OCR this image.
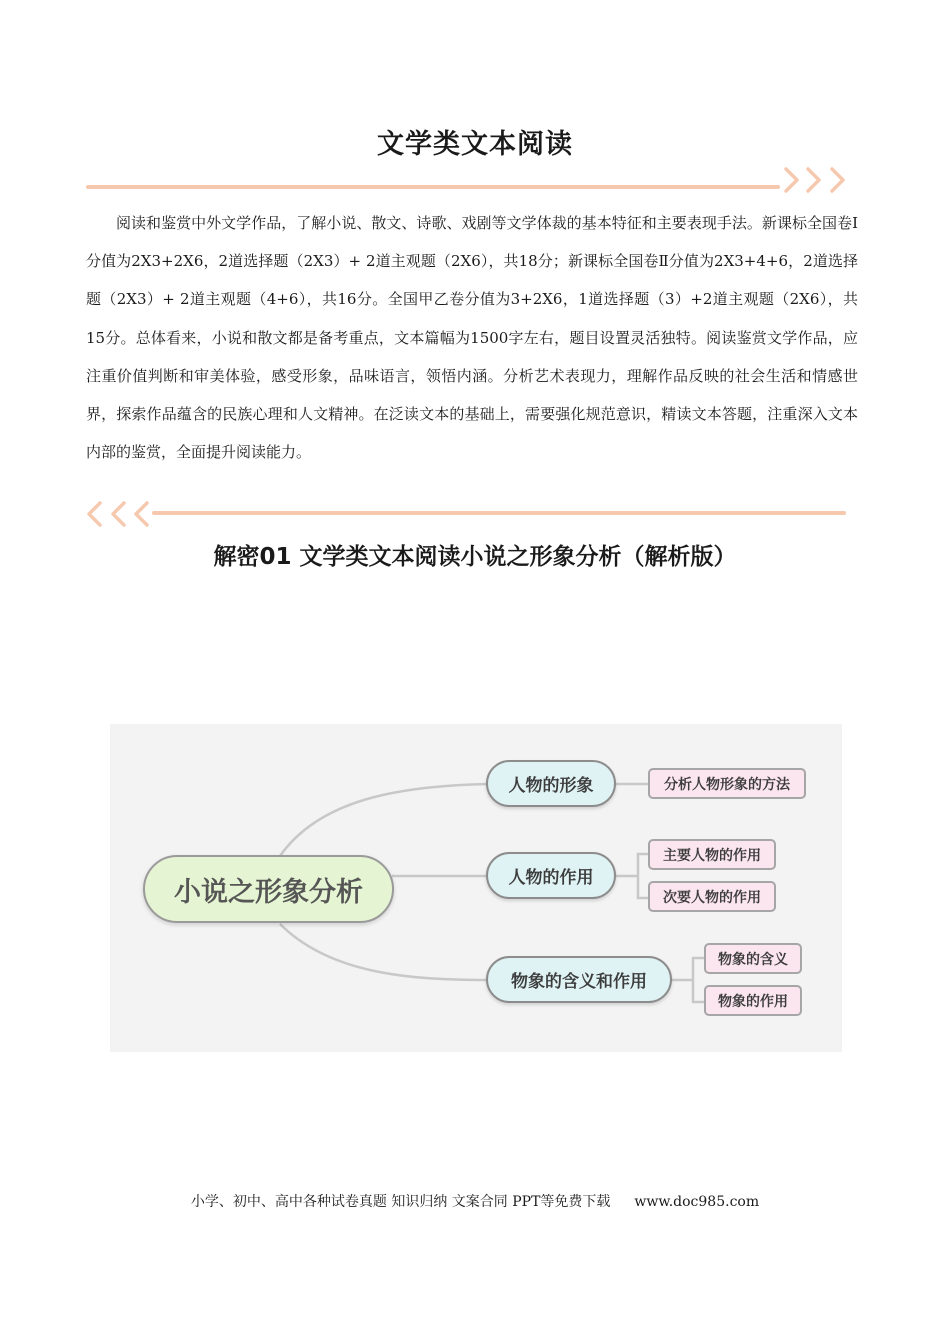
文学类文本阅读

阅读和鉴赏中外文学作品，了解小说、散文、诗歌、戏剧等文学体裁的基本特征和主要表现手法。新课标全国卷Ⅰ分值为2X3+2X6，2道选择题（2X3）+ 2道主观题（2X6），共18分；新课标全国卷Ⅱ分值为2X3+4+6，2道选择题（2X3）+ 2道主观题（4+6），共16分。全国甲乙卷分值为3+2X6，1道选择题（3）+2道主观题（2X6），共15分。总体看来，小说和散文都是备考重点，文本篇幅为1500字左右，题目设置灵活独特。阅读鉴赏文学作品，应注重价值判断和审美体验，感受形象，品味语言，领悟内涵。分析艺术表现力，理解作品反映的社会生活和情感世界，探索作品蕴含的民族心理和人文精神。在泛读文本的基础上，需要强化规范意识，精读文本答题，注重深入文本内部的鉴赏，全面提升阅读能力。

解密01 文学类文本阅读小说之形象分析（解析版）
小说之形象分析
人物的形象
人物的作用
物象的含义和作用
分析人物形象的方法
主要人物的作用
次要人物的作用
物象的含义
物象的作用

小学、初中、高中各种试卷真题 知识归纳 文案合同 PPT等免费下载 www.doc985.com
